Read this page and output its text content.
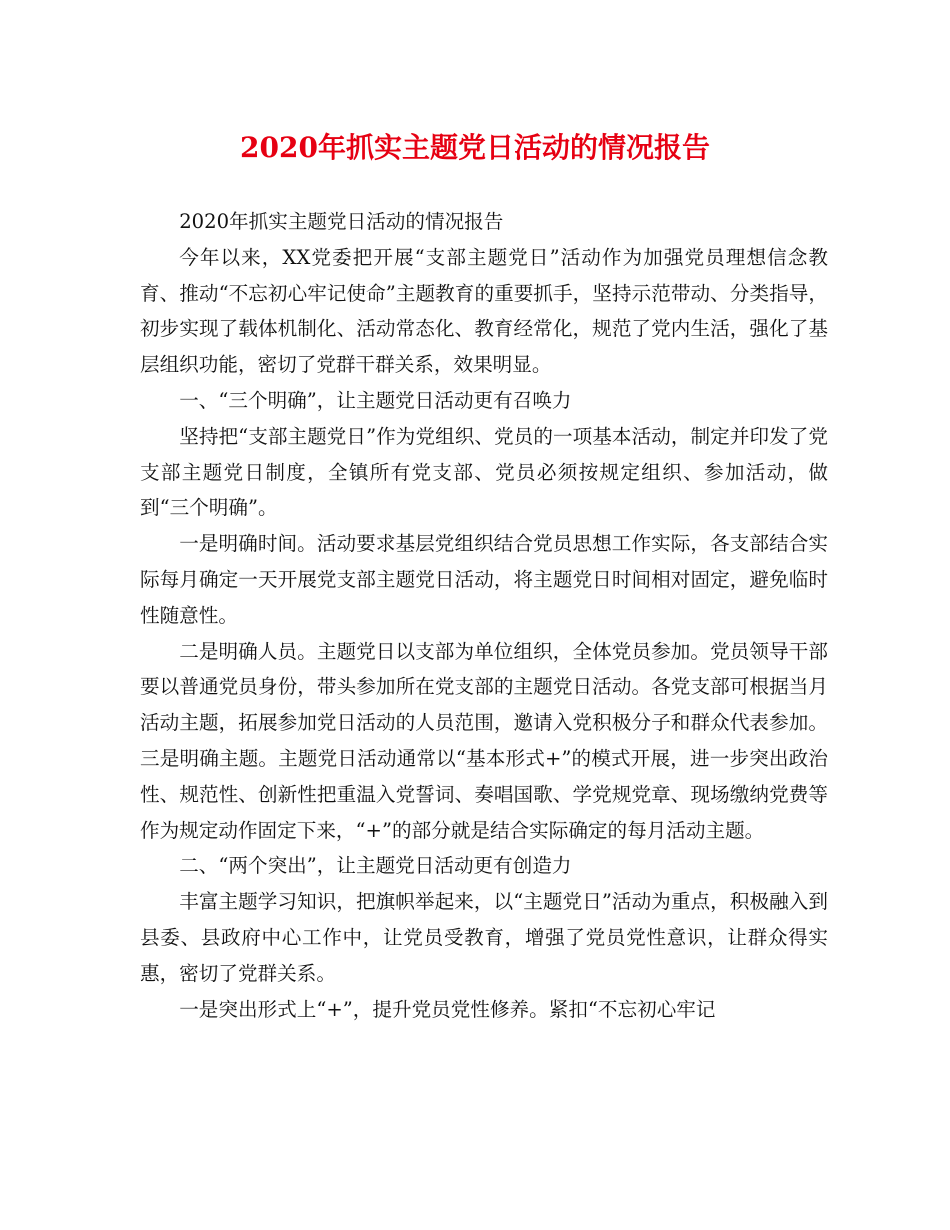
2020年抓实主题党日活动的情况报告

2020年抓实主题党日活动的情况报告

今年以来，XX党委把开展“支部主题党日”活动作为加强党员理想信念教育、推动“不忘初心牢记使命”主题教育的重要抓手，坚持示范带动、分类指导，初步实现了载体机制化、活动常态化、教育经常化，规范了党内生活，强化了基层组织功能，密切了党群干群关系，效果明显。

一、“三个明确”，让主题党日活动更有召唤力

坚持把“支部主题党日”作为党组织、党员的一项基本活动，制定并印发了党支部主题党日制度，全镇所有党支部、党员必须按规定组织、参加活动，做到“三个明确”。

一是明确时间。活动要求基层党组织结合党员思想工作实际，各支部结合实际每月确定一天开展党支部主题党日活动，将主题党日时间相对固定，避免临时性随意性。

二是明确人员。主题党日以支部为单位组织，全体党员参加。党员领导干部要以普通党员身份，带头参加所在党支部的主题党日活动。各党支部可根据当月活动主题，拓展参加党日活动的人员范围，邀请入党积极分子和群众代表参加。三是明确主题。主题党日活动通常以“基本形式+”的模式开展，进一步突出政治性、规范性、创新性把重温入党誓词、奏唱国歌、学党规党章、现场缴纳党费等作为规定动作固定下来，“+”的部分就是结合实际确定的每月活动主题。

二、“两个突出”，让主题党日活动更有创造力

丰富主题学习知识，把旗帜举起来，以“主题党日”活动为重点，积极融入到县委、县政府中心工作中，让党员受教育，增强了党员党性意识，让群众得实惠，密切了党群关系。

一是突出形式上“+”，提升党员党性修养。紧扣“不忘初心牢记
